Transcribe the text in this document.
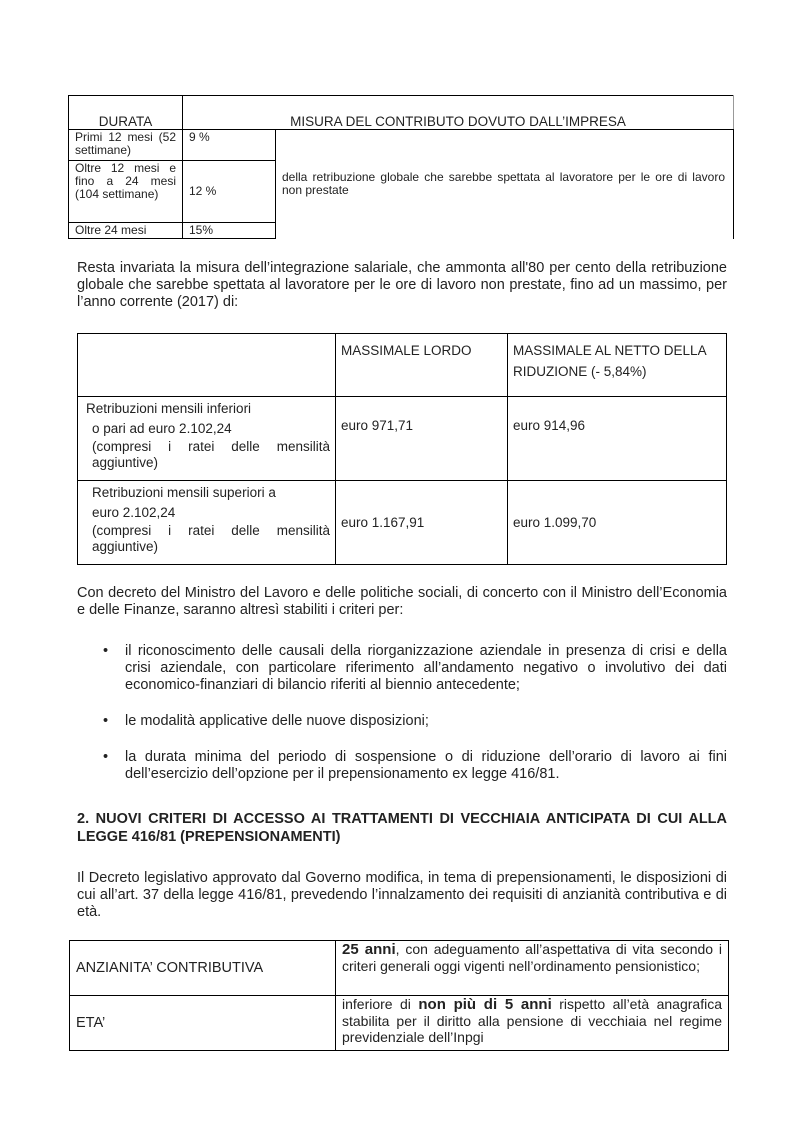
DURATA	MISURA DEL CONTRIBUTO DOVUTO DALL’IMPRESA	
Primi 12 mesi (52 settimane)	9 %	della retribuzione globale che sarebbe spettata al lavoratore per le ore di lavoro non prestate
Oltre 12 mesi e fino a 24 mesi (104 settimane)	12 %	
Oltre 24 mesi	15%	

Resta invariata la misura dell’integrazione salariale, che ammonta all'80 per cento della retribuzione globale che sarebbe spettata al lavoratore per le ore di lavoro non prestate, fino ad un massimo, per l’anno corrente (2017) di:

	MASSIMALE LORDO	MASSIMALE AL NETTO DELLA RIDUZIONE (- 5,84%)

Retribuzioni mensili inferiori
o pari ad euro 2.102,24
(compresi i ratei delle mensilità aggiuntive)	euro 971,71	euro 914,96

Retribuzioni mensili superiori a
euro 2.102,24
(compresi i ratei delle mensilità aggiuntive)	euro 1.167,91	euro 1.099,70

Con decreto del Ministro del Lavoro e delle politiche sociali, di concerto con il Ministro dell’Economia e delle Finanze, saranno altresì stabiliti i criteri per:

• il riconoscimento delle causali della riorganizzazione aziendale in presenza di crisi e della crisi aziendale, con particolare riferimento all’andamento negativo o involutivo dei dati economico-finanziari di bilancio riferiti al biennio antecedente;
• le modalità applicative delle nuove disposizioni;
• la durata minima del periodo di sospensione o di riduzione dell’orario di lavoro ai fini dell’esercizio dell’opzione per il prepensionamento ex legge 416/81.
2. NUOVI CRITERI DI ACCESSO AI TRATTAMENTI DI VECCHIAIA ANTICIPATA DI CUI ALLA LEGGE 416/81 (PREPENSIONAMENTI)

Il Decreto legislativo approvato dal Governo modifica, in tema di prepensionamenti, le disposizioni di cui all’art. 37 della legge 416/81, prevedendo l’innalzamento dei requisiti di anzianità contributiva e di età.

ANZIANITA’ CONTRIBUTIVA	25 anni, con adeguamento all’aspettativa di vita secondo i criteri generali oggi vigenti nell’ordinamento pensionistico;
ETA’	inferiore di non più di 5 anni rispetto all’età anagrafica stabilita per il diritto alla pensione di vecchiaia nel regime previdenziale dell’Inpgi
